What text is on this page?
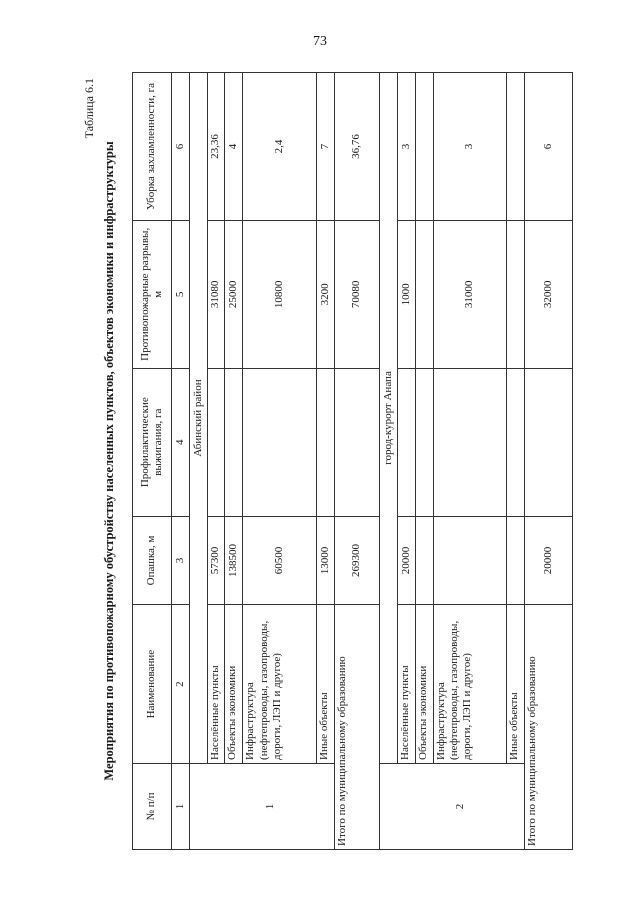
73
Таблица 6.1
Мероприятия по противопожарному обустройству населенных пунктов, объектов экономики и инфраструктуры
№ п/п	Наименование	Опашка, м	Профилактические выжигания, га	Противопожарные разрывы, м	Уборка захламленности, га
1	2	3	4	5	6
	Абинский район				
1	Населённые пункты	57300		31080	23,36
	Объекты экономики	138500		25000	4
	Инфраструктура (нефтепроводы, газопроводы, дороги, ЛЭП и другое)	60500		10800	2,4
	Иные объекты	13000		3200	7
Итого по муниципальному образованию		269300		70080	36,76
	город-курорт Анапа				
2	Населённые пункты	20000		1000	3
	Объекты экономики				
	Инфраструктура (нефтепроводы, газопроводы, дороги, ЛЭП и другое)			31000	3
	Иные объекты				
Итого по муниципальному образованию		20000		32000	6
